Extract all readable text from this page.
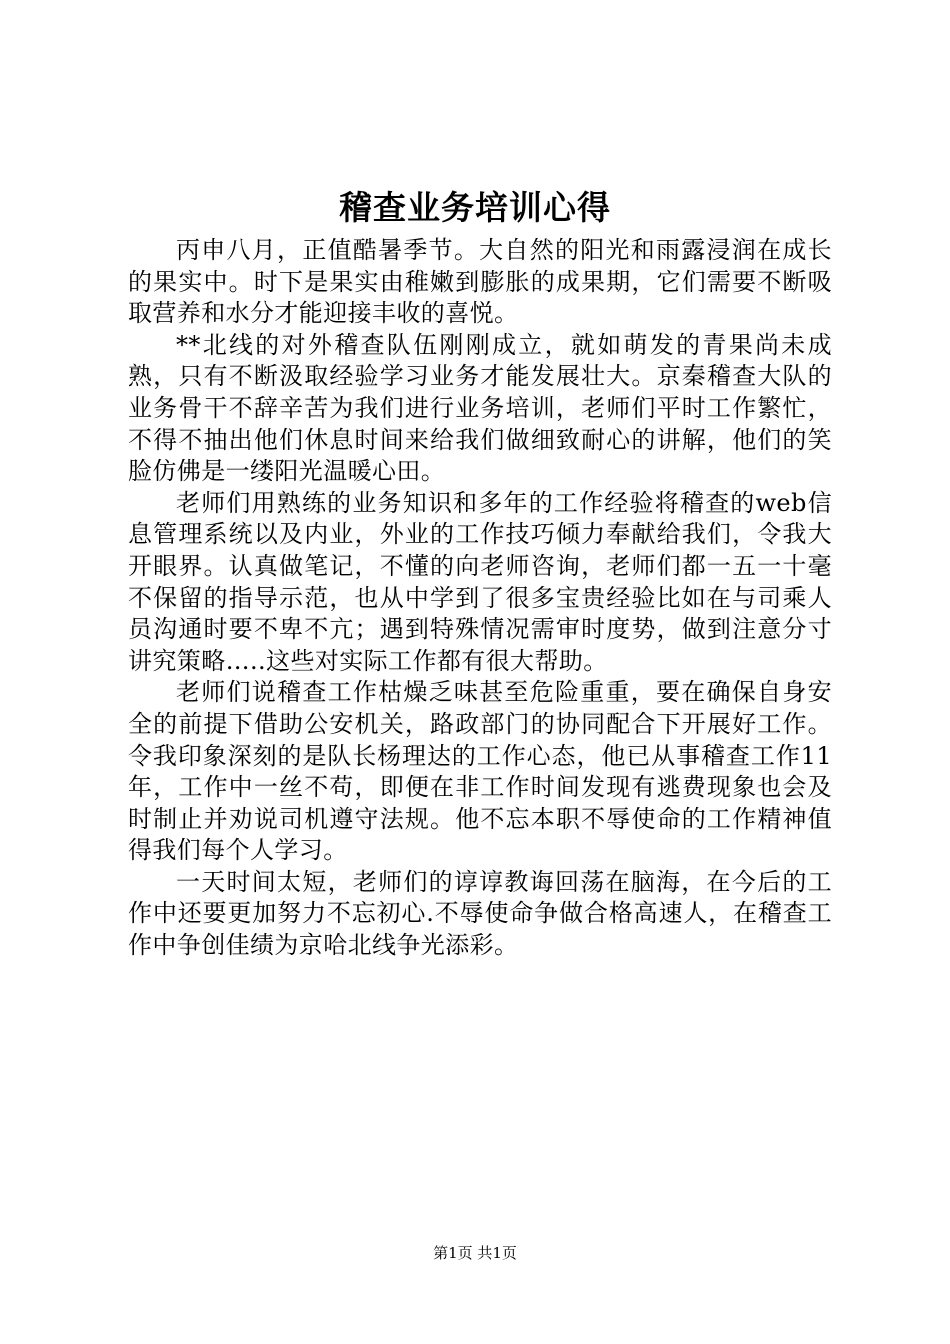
稽查业务培训心得

丙申八月，正值酷暑季节。大自然的阳光和雨露浸润在成长的果实中。时下是果实由稚嫩到膨胀的成果期，它们需要不断吸取营养和水分才能迎接丰收的喜悦。

**北线的对外稽查队伍刚刚成立，就如萌发的青果尚未成熟，只有不断汲取经验学习业务才能发展壮大。京秦稽查大队的业务骨干不辞辛苦为我们进行业务培训，老师们平时工作繁忙，不得不抽出他们休息时间来给我们做细致耐心的讲解，他们的笑脸仿佛是一缕阳光温暖心田。

老师们用熟练的业务知识和多年的工作经验将稽查的web信息管理系统以及内业，外业的工作技巧倾力奉献给我们，令我大开眼界。认真做笔记，不懂的向老师咨询，老师们都一五一十毫不保留的指导示范，也从中学到了很多宝贵经验比如在与司乘人员沟通时要不卑不亢；遇到特殊情况需审时度势，做到注意分寸讲究策略…..这些对实际工作都有很大帮助。

老师们说稽查工作枯燥乏味甚至危险重重，要在确保自身安全的前提下借助公安机关，路政部门的协同配合下开展好工作。令我印象深刻的是队长杨理达的工作心态，他已从事稽查工作11年，工作中一丝不苟，即便在非工作时间发现有逃费现象也会及时制止并劝说司机遵守法规。他不忘本职不辱使命的工作精神值得我们每个人学习。

一天时间太短，老师们的谆谆教诲回荡在脑海，在今后的工作中还要更加努力不忘初心.不辱使命争做合格高速人，在稽查工作中争创佳绩为京哈北线争光添彩。

第1页 共1页
